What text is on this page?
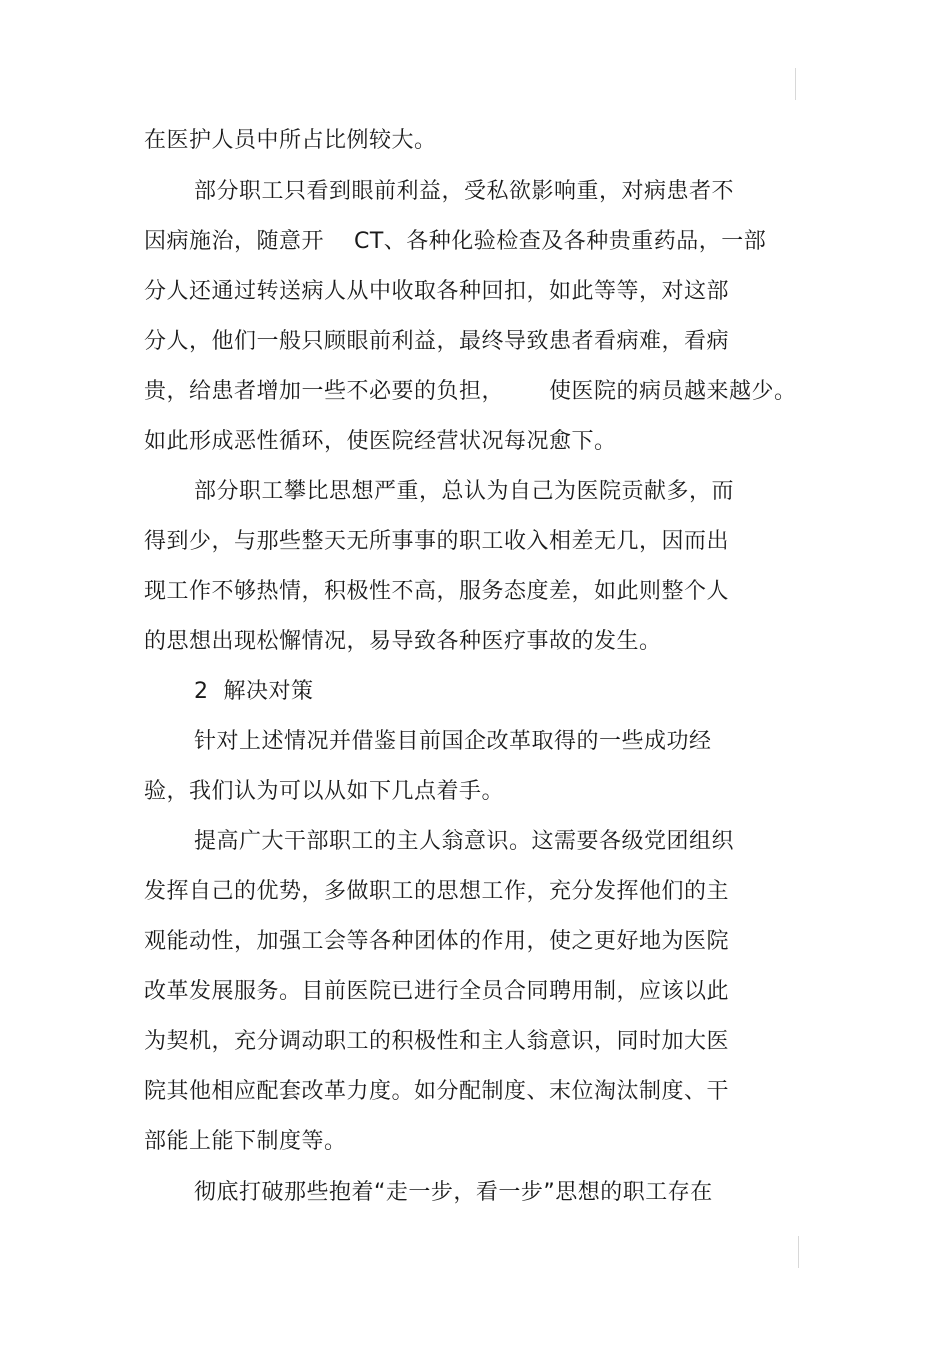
在医护人员中所占比例较大。
部分职工只看到眼前利益，受私欲影响重，对病患者不
因病施治，随意开    CT、各种化验检查及各种贵重药品，一部
分人还通过转送病人从中收取各种回扣，如此等等，对这部
分人，他们一般只顾眼前利益，最终导致患者看病难，看病
贵，给患者增加一些不必要的负担，      使医院的病员越来越少。
如此形成恶性循环，使医院经营状况每况愈下。
部分职工攀比思想严重，总认为自己为医院贡献多，而
得到少，与那些整天无所事事的职工收入相差无几，因而出
现工作不够热情，积极性不高，服务态度差，如此则整个人
的思想出现松懈情况，易导致各种医疗事故的发生。
2  解决对策
针对上述情况并借鉴目前国企改革取得的一些成功经
验，我们认为可以从如下几点着手。
提高广大干部职工的主人翁意识。这需要各级党团组织
发挥自己的优势，多做职工的思想工作，充分发挥他们的主
观能动性，加强工会等各种团体的作用，使之更好地为医院
改革发展服务。目前医院已进行全员合同聘用制，应该以此
为契机，充分调动职工的积极性和主人翁意识，同时加大医
院其他相应配套改革力度。如分配制度、末位淘汰制度、干
部能上能下制度等。
彻底打破那些抱着“走一步，看一步”思想的职工存在
